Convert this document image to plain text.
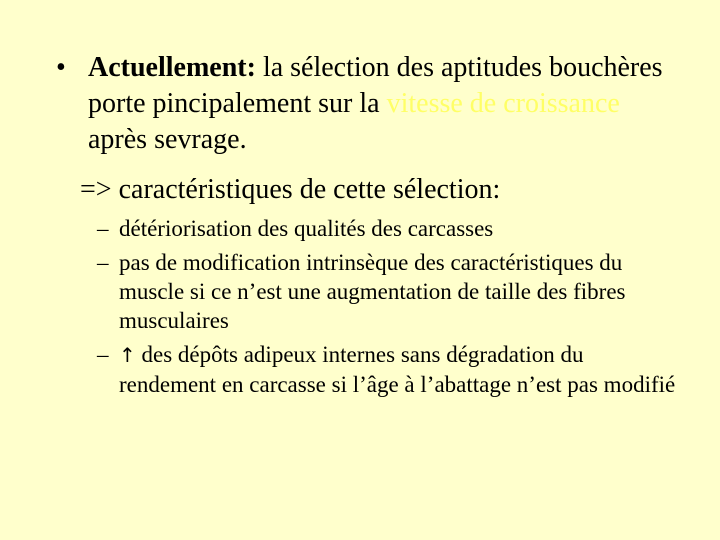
• Actuellement: la sélection des aptitudes bouchères porte pincipalement sur la vitesse de croissance après sevrage.
=> caractéristiques de cette sélection:
– détériorisation des qualités des carcasses
– pas de modification intrinsèque des caractéristiques du muscle si ce n’est une augmentation de taille des fibres musculaires
– ↑ des dépôts adipeux internes sans dégradation du rendement en carcasse si l’âge à l’abattage n’est pas modifié
